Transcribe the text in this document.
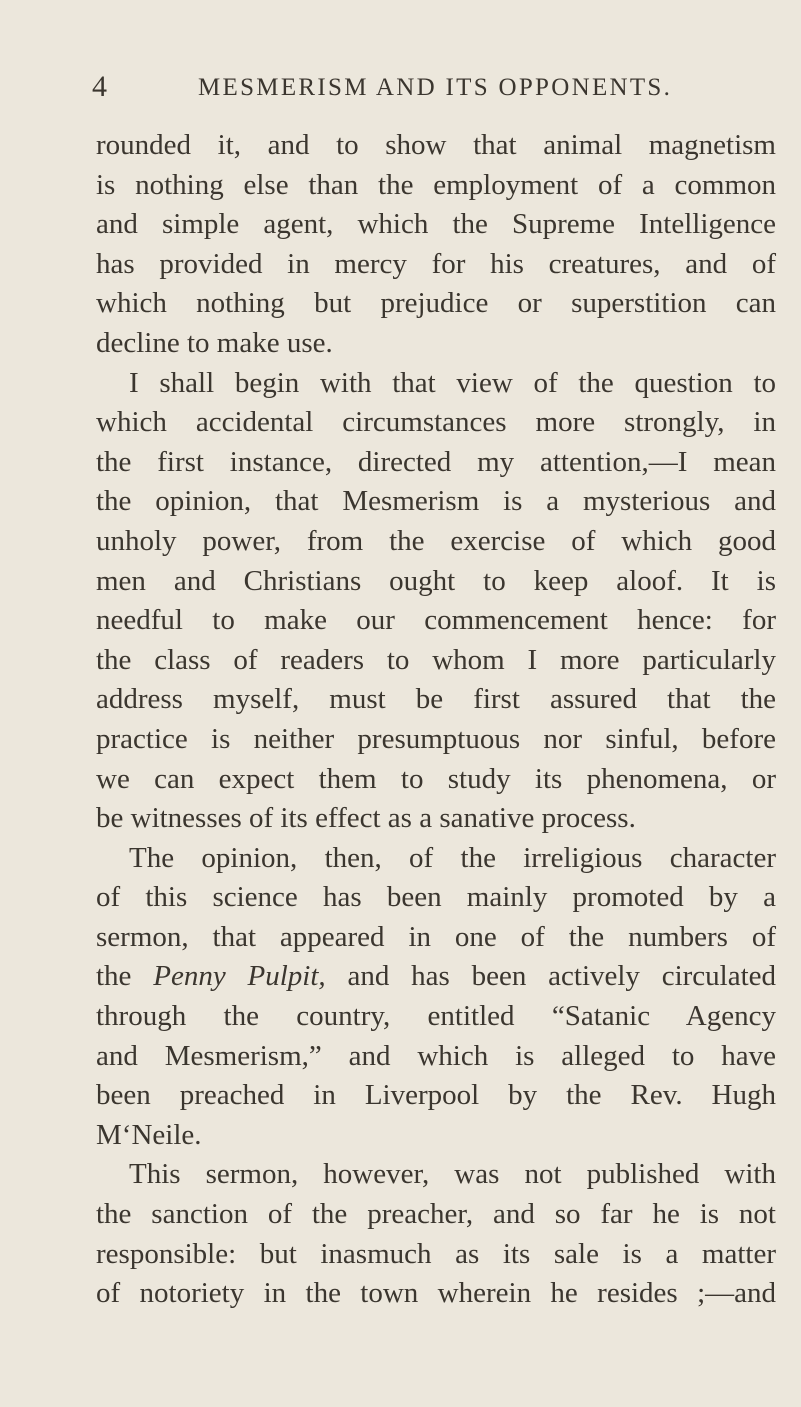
4	MESMERISM AND ITS OPPONENTS.
rounded it, and to show that animal magnetism
is nothing else than the employment of a common
and simple agent, which the Supreme Intelligence
has provided in mercy for his creatures, and of
which nothing but prejudice or superstition can
decline to make use.
I shall begin with that view of the question to
which accidental circumstances more strongly, in
the first instance, directed my attention,—I mean
the opinion, that Mesmerism is a mysterious and
unholy power, from the exercise of which good
men and Christians ought to keep aloof. It is
needful to make our commencement hence: for
the class of readers to whom I more particularly
address myself, must be first assured that the
practice is neither presumptuous nor sinful, before
we can expect them to study its phenomena, or
be witnesses of its effect as a sanative process.
The opinion, then, of the irreligious character
of this science has been mainly promoted by a
sermon, that appeared in one of the numbers of
the Penny Pulpit, and has been actively circulated
through the country, entitled “Satanic Agency
and Mesmerism,” and which is alleged to have
been preached in Liverpool by the Rev. Hugh
M‘Neile.
This sermon, however, was not published with
the sanction of the preacher, and so far he is not
responsible: but inasmuch as its sale is a matter
of notoriety in the town wherein he resides ;—and
